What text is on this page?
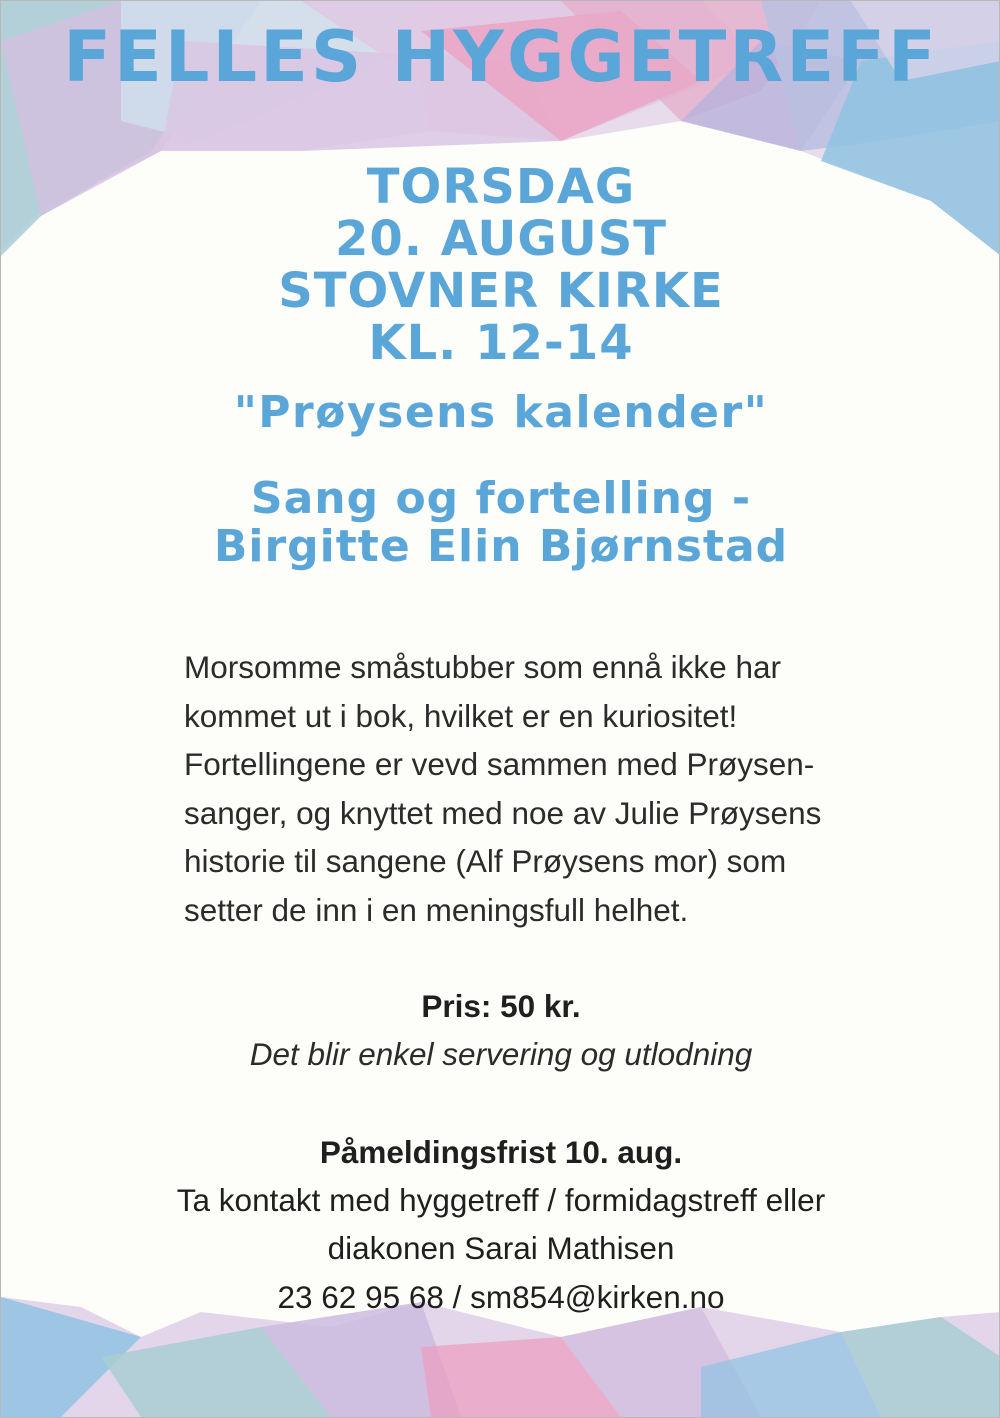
FELLES HYGGETREFF
TORSDAG
20. AUGUST
STOVNER KIRKE
KL. 12-14
"Prøysens kalender"
Sang og fortelling -
Birgitte Elin Bjørnstad
Morsomme småstubber som ennå ikke har
kommet ut i bok, hvilket er en kuriositet!
Fortellingene er vevd sammen med Prøysen-
sanger, og knyttet med noe av Julie Prøysens
historie til sangene (Alf Prøysens mor) som
setter de inn i en meningsfull helhet.
Pris: 50 kr.
Det blir enkel servering og utlodning
Påmeldingsfrist 10. aug.
Ta kontakt med hyggetreff / formidagstreff eller
diakonen Sarai Mathisen
23 62 95 68 / sm854@kirken.no
